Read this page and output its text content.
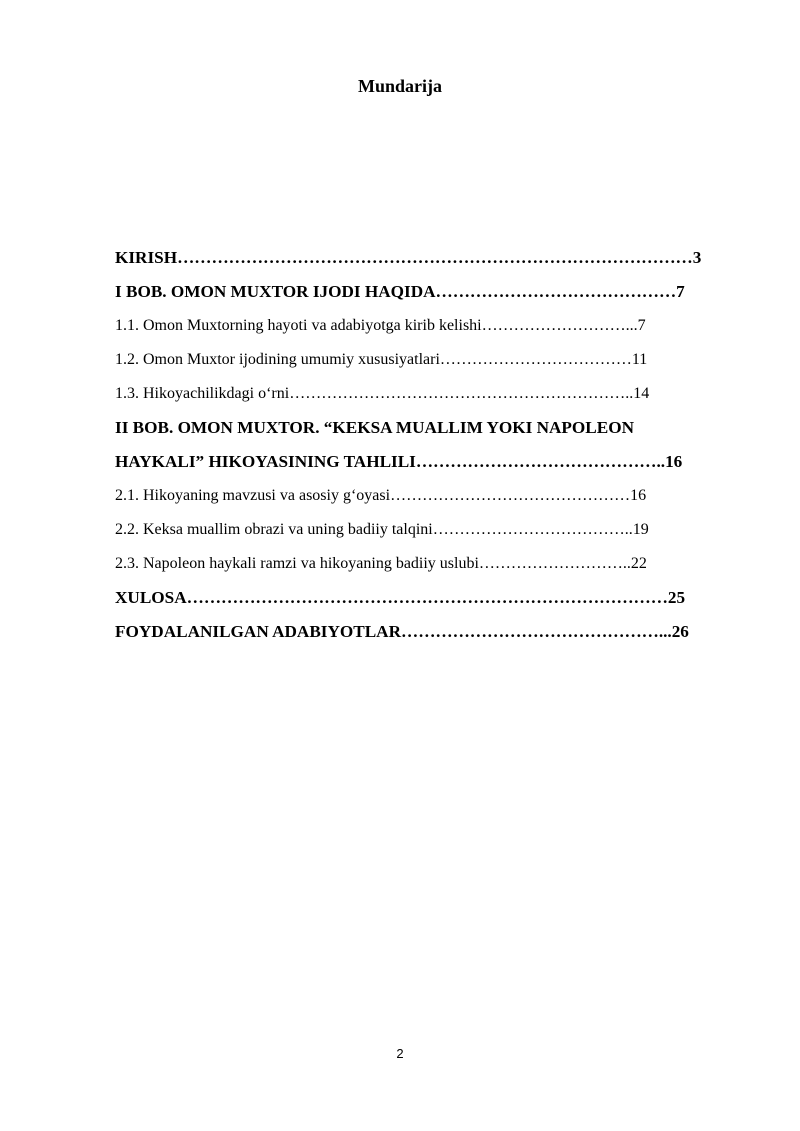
Mundarija
KIRISH………………………………………………………………………………3
I BOB. OMON MUXTOR IJODI HAQIDA……………………………………7
1.1. Omon Muxtorning hayoti va adabiyotga kirib kelishi………………………...7
1.2. Omon Muxtor ijodining umumiy xususiyatlari………………………………11
1.3. Hikoyachilikdagi o‘rni………………………………………………………..14
II BOB. OMON MUXTOR. “KEKSA MUALLIM YOKI NAPOLEON
HAYKALI” HIKOYASINING TAHLILI……………………………………..16
2.1. Hikoyaning mavzusi va asosiy g‘oyasi………………………………………16
2.2. Keksa muallim obrazi va uning badiiy talqini………………………………..19
2.3. Napoleon haykali ramzi va hikoyaning badiiy uslubi………………………..22
XULOSA…………………………………………………………………………25
FOYDALANILGAN ADABIYOTLAR………………………………………...26
2
